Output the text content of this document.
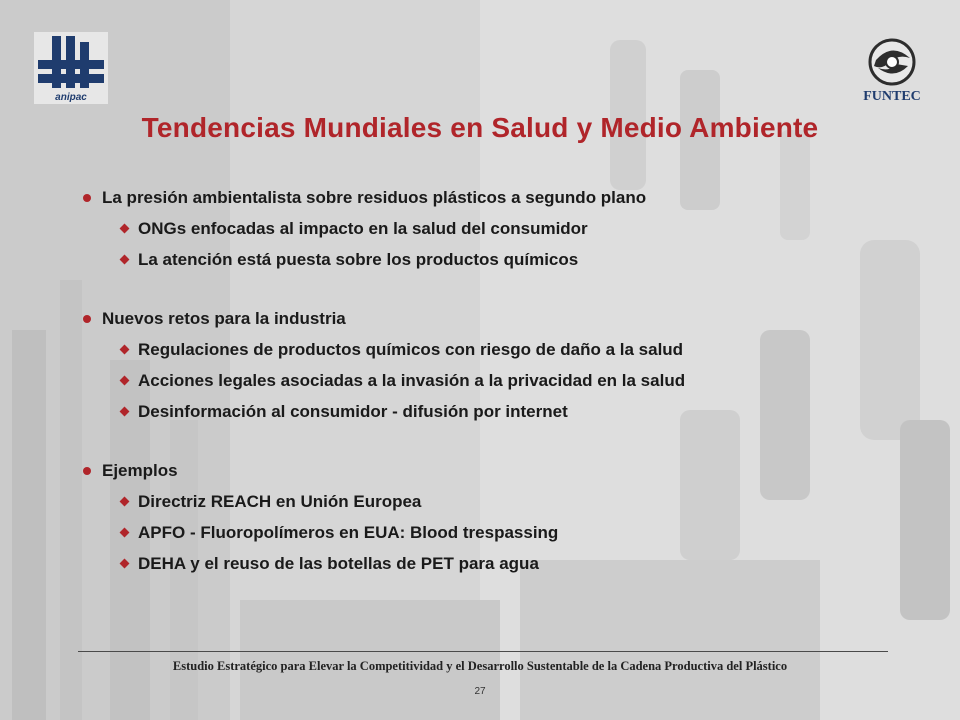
anipac	FUNTEC
Tendencias Mundiales en Salud y Medio Ambiente
La presión ambientalista sobre residuos plásticos a segundo plano
ONGs enfocadas al impacto en la salud del consumidor
La atención está puesta sobre los productos químicos
Nuevos retos para la industria
Regulaciones de productos químicos con riesgo de daño a la salud
Acciones legales asociadas a la invasión a la privacidad en la salud
Desinformación al consumidor - difusión por internet
Ejemplos
Directriz REACH en Unión Europea
APFO - Fluoropolímeros en EUA: Blood trespassing
DEHA y el reuso de las botellas de PET para agua
Estudio Estratégico para Elevar la Competitividad y el Desarrollo Sustentable de la Cadena Productiva del Plástico
27
